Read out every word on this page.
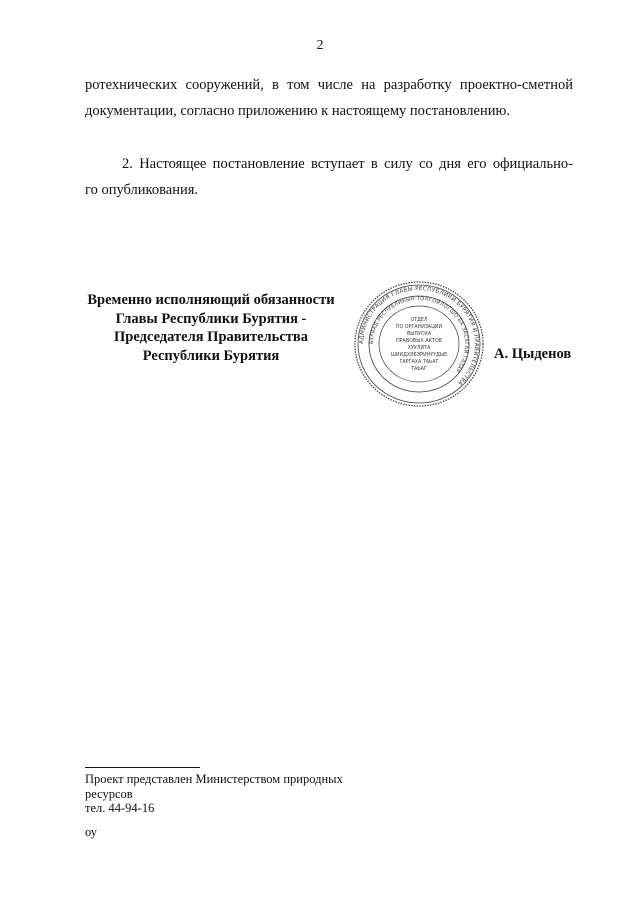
2

ротехнических сооружений, в том числе на разработку проектно-сметной
документации, согласно приложению к настоящему постановлению.

2. Настоящее постановление вступает в силу со дня его официально-
го опубликования.

Временно исполняющий обязанности
Главы Республики Бурятия -
Председателя Правительства
Республики Бурятия
АДМИНИСТРАЦИЯ ГЛАВЫ РЕСПУБЛИКИ БУРЯТИЯ И ПРАВИТЕЛЬСТВА
БУРЯАД РЕСПУБЛИКЫН ТОЛГОЙЛОГШО БА ЗАСАГАЙ ГАЗАР
ОТДЕЛ
ПО ОРГАНИЗАЦИИ
ВЫПУСКА
ПРАВОВЫХ АКТОВ
ХУУЛИТА
ШИИДХЭБЭРИНҮҮДЫЕ
ГАРГАХА ТАЬАГ
ТАЬАГ
А. Цыденов
Проект представлен Министерством природных
ресурсов
тел. 44-94-16
оу
